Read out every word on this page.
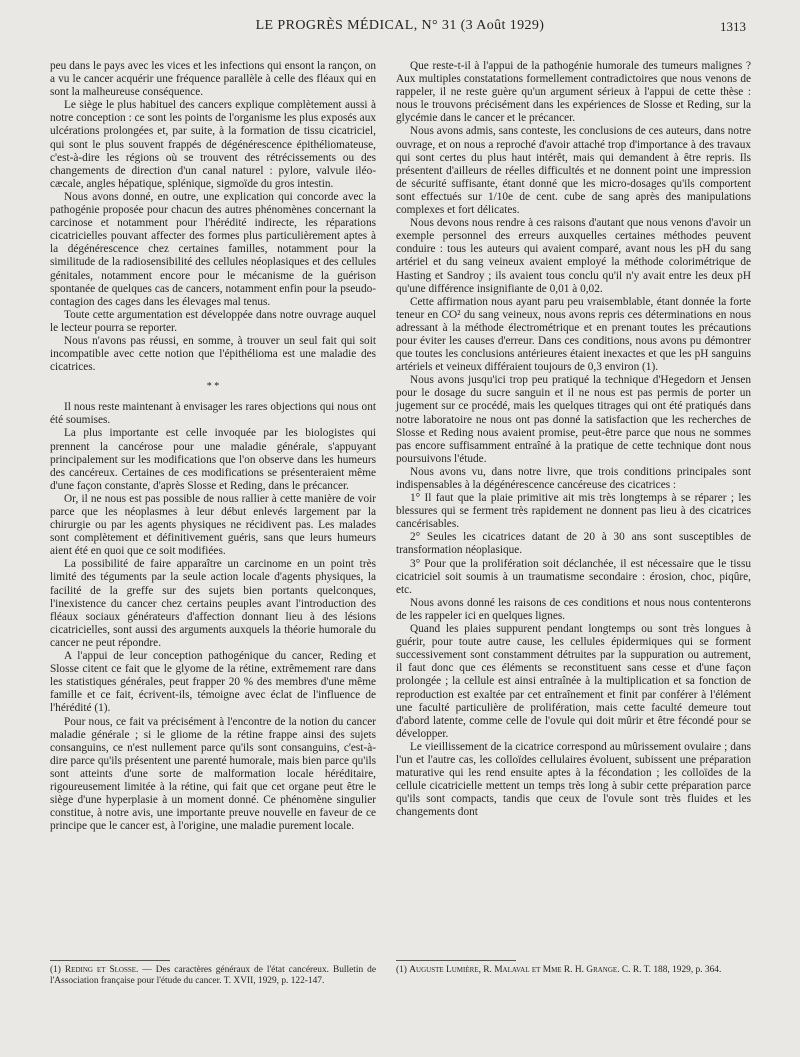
LE PROGRÈS MÉDICAL, N° 31 (3 Août 1929)	1313

peu dans le pays avec les vices et les infections qui ensont la rançon, on a vu le cancer acquérir une fréquence parallèle à celle des fléaux qui en sont la malheureuse conséquence.

Le siège le plus habituel des cancers explique complètement aussi à notre conception : ce sont les points de l'organisme les plus exposés aux ulcérations prolongées et, par suite, à la formation de tissu cicatriciel, qui sont le plus souvent frappés de dégénérescence épithéliomateuse, c'est-à-dire les régions où se trouvent des rétrécissements ou des changements de direction d'un canal naturel : pylore, valvule iléo-cæcale, angles hépatique, splénique, sigmoïde du gros intestin.

Nous avons donné, en outre, une explication qui concorde avec la pathogénie proposée pour chacun des autres phénomènes concernant la carcinose et notamment pour l'hérédité indirecte, les réparations cicatricielles pouvant affecter des formes plus particulièrement aptes à la dégénérescence chez certaines familles, notamment pour la similitude de la radiosensibilité des cellules néoplasiques et des cellules génitales, notamment encore pour le mécanisme de la guérison spontanée de quelques cas de cancers, notamment enfin pour la pseudo-contagion des cages dans les élevages mal tenus.

Toute cette argumentation est développée dans notre ouvrage auquel le lecteur pourra se reporter.

Nous n'avons pas réussi, en somme, à trouver un seul fait qui soit incompatible avec cette notion que l'épithélioma est une maladie des cicatrices.

* *

Il nous reste maintenant à envisager les rares objections qui nous ont été soumises.

La plus importante est celle invoquée par les biologistes qui prennent la cancérose pour une maladie générale, s'appuyant principalement sur les modifications que l'on observe dans les humeurs des cancéreux. Certaines de ces modifications se présenteraient même d'une façon constante, d'après Slosse et Reding, dans le précancer.

Or, il ne nous est pas possible de nous rallier à cette manière de voir parce que les néoplasmes à leur début enlevés largement par la chirurgie ou par les agents physiques ne récidivent pas. Les malades sont complètement et définitivement guéris, sans que leurs humeurs aient été en quoi que ce soit modifiées.

La possibilité de faire apparaître un carcinome en un point très limité des téguments par la seule action locale d'agents physiques, la facilité de la greffe sur des sujets bien portants quelconques, l'inexistence du cancer chez certains peuples avant l'introduction des fléaux sociaux générateurs d'affection donnant lieu à des lésions cicatricielles, sont aussi des arguments auxquels la théorie humorale du cancer ne peut répondre.

A l'appui de leur conception pathogénique du cancer, Reding et Slosse citent ce fait que le glyome de la rétine, extrêmement rare dans les statistiques générales, peut frapper 20 % des membres d'une même famille et ce fait, écrivent-ils, témoigne avec éclat de l'influence de l'hérédité (1).

Pour nous, ce fait va précisément à l'encontre de la notion du cancer maladie générale ; si le gliome de la rétine frappe ainsi des sujets consanguins, ce n'est nullement parce qu'ils sont consanguins, c'est-à-dire parce qu'ils présentent une parenté humorale, mais bien parce qu'ils sont atteints d'une sorte de malformation locale héréditaire, rigoureusement limitée à la rétine, qui fait que cet organe peut être le siège d'une hyperplasie à un moment donné. Ce phénomène singulier constitue, à notre avis, une importante preuve nouvelle en faveur de ce principe que le cancer est, à l'origine, une maladie purement locale.

Que reste-t-il à l'appui de la pathogénie humorale des tumeurs malignes ? Aux multiples constatations formellement contradictoires que nous venons de rappeler, il ne reste guère qu'un argument sérieux à l'appui de cette thèse : nous le trouvons précisément dans les expériences de Slosse et Reding, sur la glycémie dans le cancer et le précancer.

Nous avons admis, sans conteste, les conclusions de ces auteurs, dans notre ouvrage, et on nous a reproché d'avoir attaché trop d'importance à des travaux qui sont certes du plus haut intérêt, mais qui demandent à être repris. Ils présentent d'ailleurs de réelles difficultés et ne donnent point une impression de sécurité suffisante, étant donné que les micro-dosages qu'ils comportent sont effectués sur 1/10e de cent. cube de sang après des manipulations complexes et fort délicates.

Nous devons nous rendre à ces raisons d'autant que nous venons d'avoir un exemple personnel des erreurs auxquelles certaines méthodes peuvent conduire : tous les auteurs qui avaient comparé, avant nous les pH du sang artériel et du sang veineux avaient employé la méthode colorimétrique de Hasting et Sandroy ; ils avaient tous conclu qu'il n'y avait entre les deux pH qu'une différence insignifiante de 0,01 à 0,02.

Cette affirmation nous ayant paru peu vraisemblable, étant donnée la forte teneur en CO² du sang veineux, nous avons repris ces déterminations en nous adressant à la méthode électrométrique et en prenant toutes les précautions pour éviter les causes d'erreur. Dans ces conditions, nous avons pu démontrer que toutes les conclusions antérieures étaient inexactes et que les pH sanguins artériels et veineux différaient toujours de 0,3 environ (1).

Nous avons jusqu'ici trop peu pratiqué la technique d'Hegedorn et Jensen pour le dosage du sucre sanguin et il ne nous est pas permis de porter un jugement sur ce procédé, mais les quelques titrages qui ont été pratiqués dans notre laboratoire ne nous ont pas donné la satisfaction que les recherches de Slosse et Reding nous avaient promise, peut-être parce que nous ne sommes pas encore suffisamment entraîné à la pratique de cette technique dont nous poursuivons l'étude.

Nous avons vu, dans notre livre, que trois conditions principales sont indispensables à la dégénérescence cancéreuse des cicatrices :

1° Il faut que la plaie primitive ait mis très longtemps à se réparer ; les blessures qui se ferment très rapidement ne donnent pas lieu à des cicatrices cancérisables.

2° Seules les cicatrices datant de 20 à 30 ans sont susceptibles de transformation néoplasique.

3° Pour que la prolifération soit déclanchée, il est nécessaire que le tissu cicatriciel soit soumis à un traumatisme secondaire : érosion, choc, piqûre, etc.

Nous avons donné les raisons de ces conditions et nous nous contenterons de les rappeler ici en quelques lignes.

Quand les plaies suppurent pendant longtemps ou sont très longues à guérir, pour toute autre cause, les cellules épidermiques qui se forment successivement sont constamment détruites par la suppuration ou autrement, il faut donc que ces éléments se reconstituent sans cesse et d'une façon prolongée ; la cellule est ainsi entraînée à la multiplication et sa fonction de reproduction est exaltée par cet entraînement et finit par conférer à l'élément une faculté particulière de prolifération, mais cette faculté demeure tout d'abord latente, comme celle de l'ovule qui doit mûrir et être fécondé pour se développer.

Le vieillissement de la cicatrice correspond au mûrissement ovulaire ; dans l'un et l'autre cas, les colloïdes cellulaires évoluent, subissent une préparation maturative qui les rend ensuite aptes à la fécondation ; les colloïdes de la cellule cicatricielle mettent un temps très long à subir cette préparation parce qu'ils sont compacts, tandis que ceux de l'ovule sont très fluides et les changements dont

(1) Reding et Slosse. — Des caractères généraux de l'état cancéreux. Bulletin de l'Association française pour l'étude du cancer. T. XVII, 1929, p. 122-147.
(1) Auguste Lumière, R. Malaval et Mme R. H. Grange. C. R. T. 188, 1929, p. 364.
